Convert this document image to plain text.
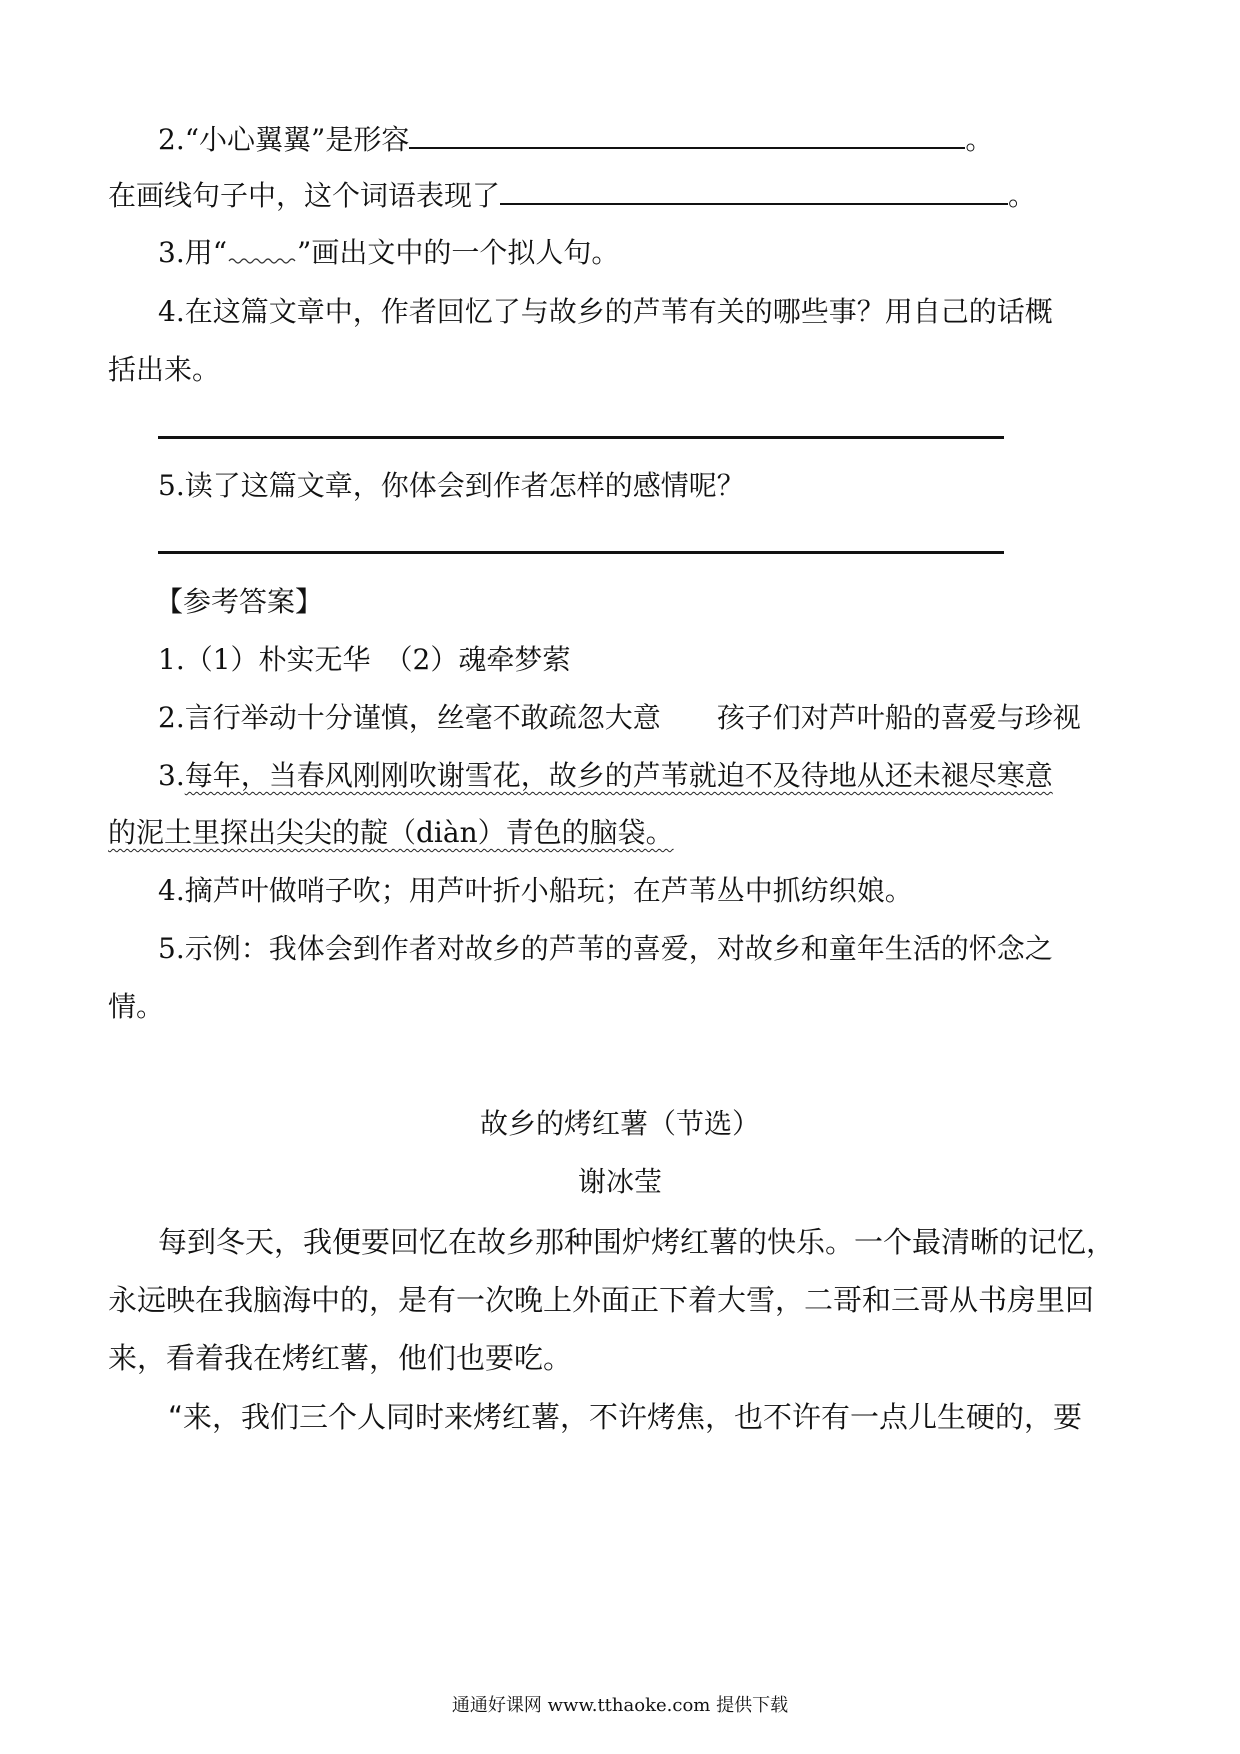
2.“小心翼翼”是形容	。
在画线句子中，这个词语表现了	。
3.用“	”画出文中的一个拟人句。
4.在这篇文章中，作者回忆了与故乡的芦苇有关的哪些事？用自己的话概
括出来。
5.读了这篇文章，你体会到作者怎样的感情呢？
【参考答案】
1.（1）朴实无华　（2）魂牵梦萦
2.言行举动十分谨慎，丝毫不敢疏忽大意　　孩子们对芦叶船的喜爱与珍视
3.每年，当春风刚刚吹谢雪花，故乡的芦苇就迫不及待地从还未褪尽寒意
的泥土里探出尖尖的靛（diàn）青色的脑袋。
4.摘芦叶做哨子吹；用芦叶折小船玩；在芦苇丛中抓纺织娘。
5.示例：我体会到作者对故乡的芦苇的喜爱，对故乡和童年生活的怀念之
情。
故乡的烤红薯（节选）
谢冰莹
每到冬天，我便要回忆在故乡那种围炉烤红薯的快乐。一个最清晰的记忆，
永远映在我脑海中的，是有一次晚上外面正下着大雪，二哥和三哥从书房里回
来，看着我在烤红薯，他们也要吃。
“来，我们三个人同时来烤红薯，不许烤焦，也不许有一点儿生硬的，要
通通好课网 www.tthaoke.com 提供下载
